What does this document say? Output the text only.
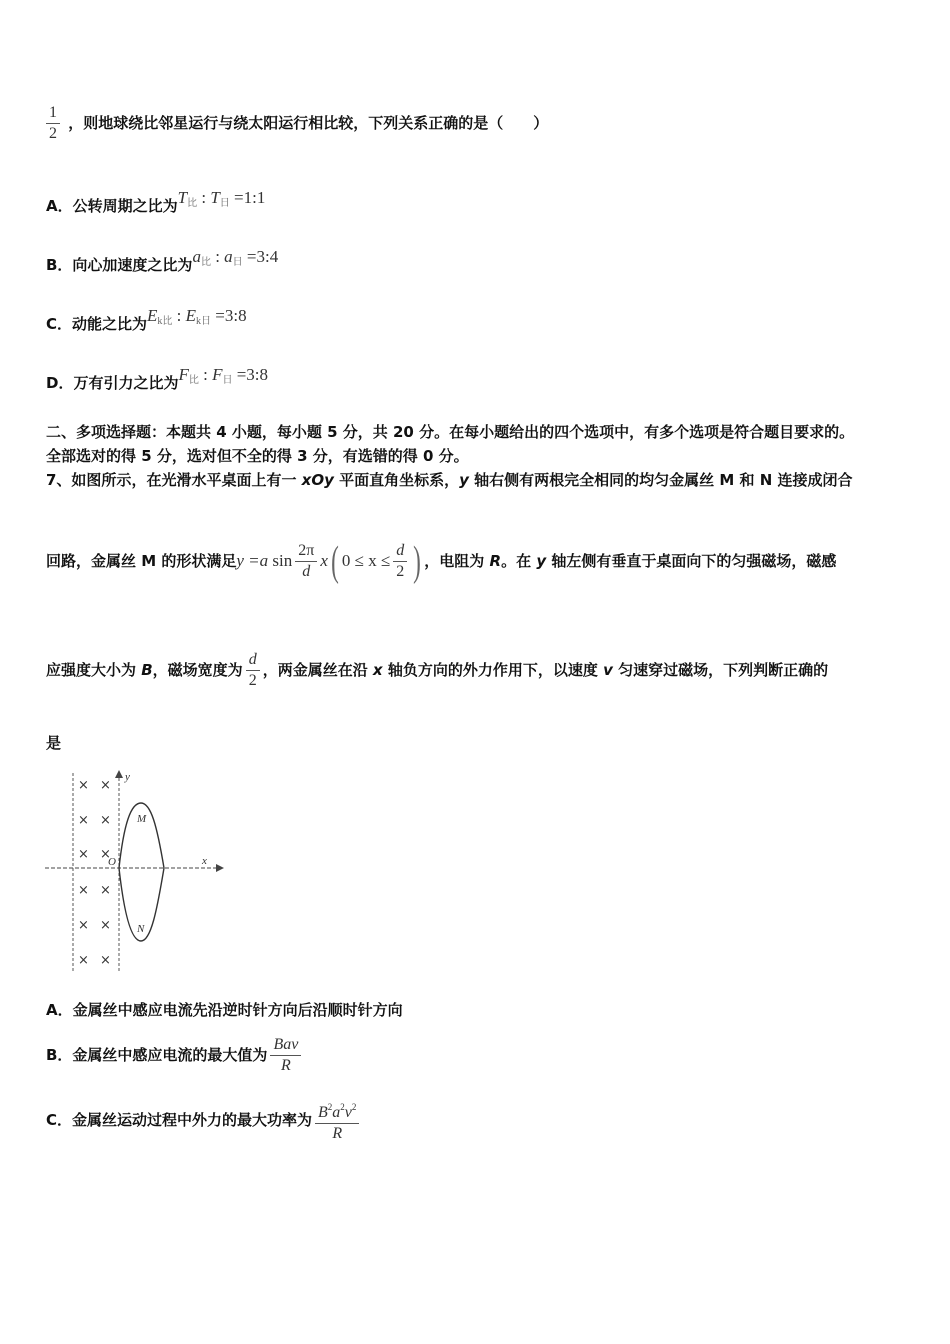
$\frac{1}{2}$ ，则地球绕比邻星运行与绕太阳运行相比较，下列关系正确的是（　　）
A．公转周期之比为$T_比$ : $T_日$ =1:1
B．向心加速度之比为$a_比$ : $a_日$ =3:4
C．动能之比为$E_{k比}$ : $E_{k日}$ =3:8
D．万有引力之比为$F_比$ : $F_日$ =3:8
二、多项选择题：本题共 4 小题，每小题 5 分，共 20 分。在每小题给出的四个选项中，有多个选项是符合题目要求的。
全部选对的得 5 分，选对但不全的得 3 分，有选错的得 0 分。
7、如图所示，在光滑水平桌面上有一 xOy 平面直角坐标系，y 轴右侧有两根完全相同的均匀金属丝 M 和 N 连接成闭合
回路，金属丝 M 的形状满足y =a $\sin \frac{2\pi}{d} x$( $0 \le x \le \frac{d}{2}$ ) ，电阻为 R。在 y 轴左侧有垂直于桌面向下的匀强磁场，磁感
应强度大小为 B，磁场宽度为 $\frac{d}{2}$ ，两金属丝在沿 x 轴负方向的外力作用下，以速度 v 匀速穿过磁场，下列判断正确的
是
× ×
× ×
× ×
× ×
× ×
× ×
y
x
O
M
N
A．金属丝中感应电流先沿逆时针方向后沿顺时针方向
B．金属丝中感应电流的最大值为 $\frac{\text{Bav}}{R}$
C．金属丝运动过程中外力的最大功率为 $\frac{B^2a^2v^2}{R}$
